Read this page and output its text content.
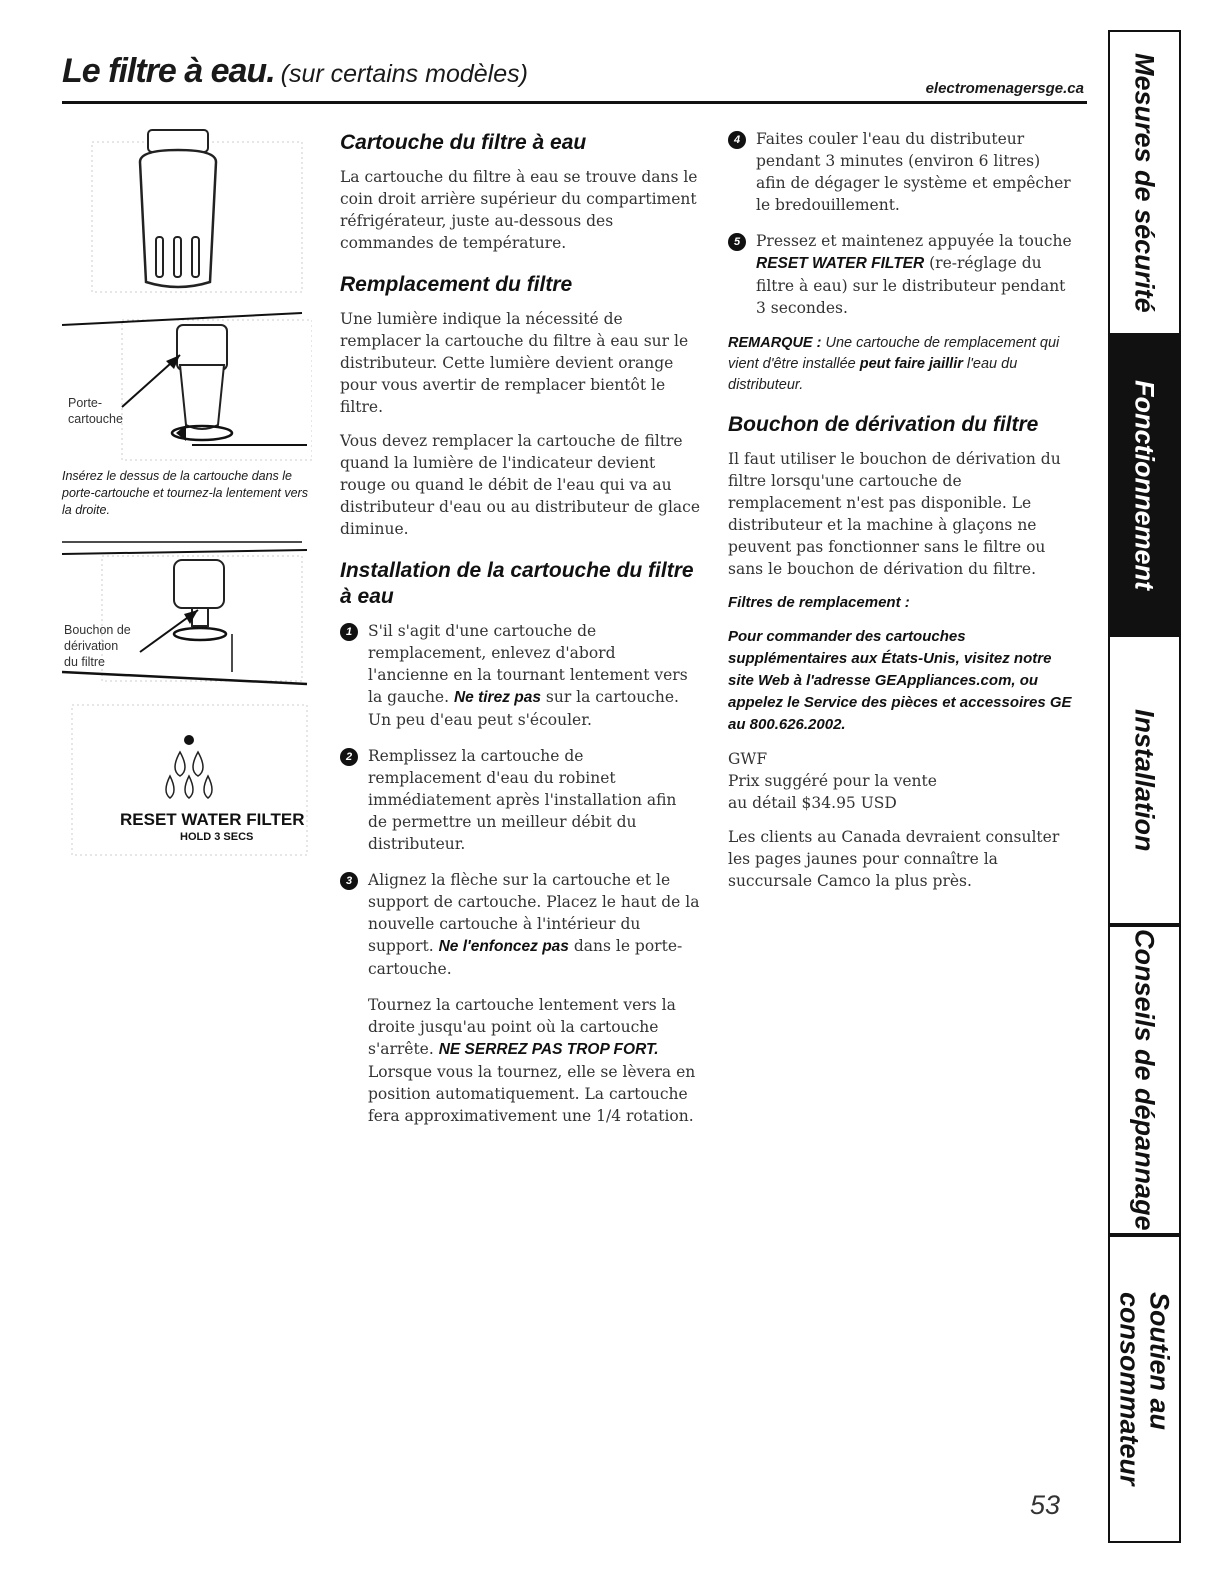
Le filtre à eau. (sur certains modèles)
electromenagersge.ca
Porte-
cartouche
Insérez le dessus de la cartouche dans le porte-cartouche et tournez-la lentement vers la droite.
Bouchon de
dérivation
du filtre
RESET WATER FILTER
HOLD 3 SECS
Cartouche du filtre à eau

La cartouche du filtre à eau se trouve dans le coin droit arrière supérieur du compartiment réfrigérateur, juste au-dessous des commandes de température.

Remplacement du filtre

Une lumière indique la nécessité de remplacer la cartouche du filtre à eau sur le distributeur. Cette lumière devient orange pour vous avertir de remplacer bientôt le filtre.

Vous devez remplacer la cartouche de filtre quand la lumière de l'indicateur devient rouge ou quand le débit de l'eau qui va au distributeur d'eau ou au distributeur de glace diminue.

Installation de la cartouche du filtre à eau
1	S'il s'agit d'une cartouche de remplacement, enlevez d'abord l'ancienne en la tournant lentement vers la gauche. Ne tirez pas sur la cartouche. Un peu d'eau peut s'écouler.
2	Remplissez la cartouche de remplacement d'eau du robinet immédiatement après l'installation afin de permettre un meilleur débit du distributeur.
3	Alignez la flèche sur la cartouche et le support de cartouche. Placez le haut de la nouvelle cartouche à l'intérieur du support. Ne l'enfoncez pas dans le porte-cartouche.

Tournez la cartouche lentement vers la droite jusqu'au point où la cartouche s'arrête. NE SERREZ PAS TROP FORT. Lorsque vous la tournez, elle se lèvera en position automatiquement. La cartouche fera approximativement une 1/4 rotation.

4	Faites couler l'eau du distributeur pendant 3 minutes (environ 6 litres) afin de dégager le système et empêcher le bredouillement.
5	Pressez et maintenez appuyée la touche RESET WATER FILTER (re-réglage du filtre à eau) sur le distributeur pendant 3 secondes.

REMARQUE : Une cartouche de remplacement qui vient d'être installée peut faire jaillir l'eau du distributeur.

Bouchon de dérivation du filtre

Il faut utiliser le bouchon de dérivation du filtre lorsqu'une cartouche de remplacement n'est pas disponible. Le distributeur et la machine à glaçons ne peuvent pas fonctionner sans le filtre ou sans le bouchon de dérivation du filtre.

Filtres de remplacement :
Pour commander des cartouches supplémentaires aux États-Unis, visitez notre site Web à l'adresse GEAppliances.com, ou appelez le Service des pièces et accessoires GE au 800.626.2002.
GWF
Prix suggéré pour la vente
au détail $34.95 USD

Les clients au Canada devraient consulter les pages jaunes pour connaître la succursale Camco la plus près.

Mesures de sécurité
Fonctionnement
Installation
Conseils de dépannage
Soutien au
consommateur
53
